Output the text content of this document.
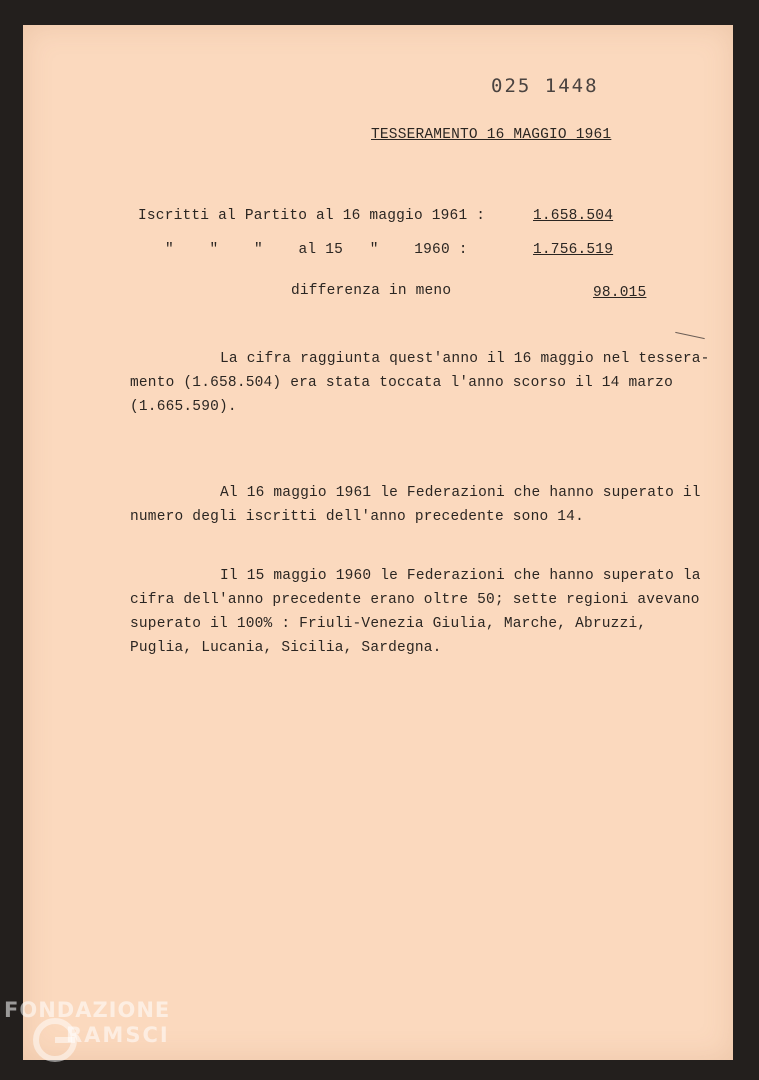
025 1448
TESSERAMENTO 16 MAGGIO 1961
Iscritti al Partito al 16 maggio 1961 :	1.658.504
"    "    "    al 15   "    1960 :	1.756.519
differenza in meno	98.015
La cifra raggiunta quest'anno il 16 maggio nel tessera- mento (1.658.504) era stata toccata l'anno scorso il 14 marzo (1.665.590).
Al 16 maggio 1961 le Federazioni che hanno superato il numero degli iscritti dell'anno precedente sono 14.
Il 15 maggio 1960 le Federazioni che hanno superato la cifra dell'anno precedente erano oltre 50; sette regioni avevano superato il 100% : Friuli-Venezia Giulia, Marche, Abruzzi, Puglia, Lucania, Sicilia, Sardegna.
FONDAZIONE
RAMSCI
